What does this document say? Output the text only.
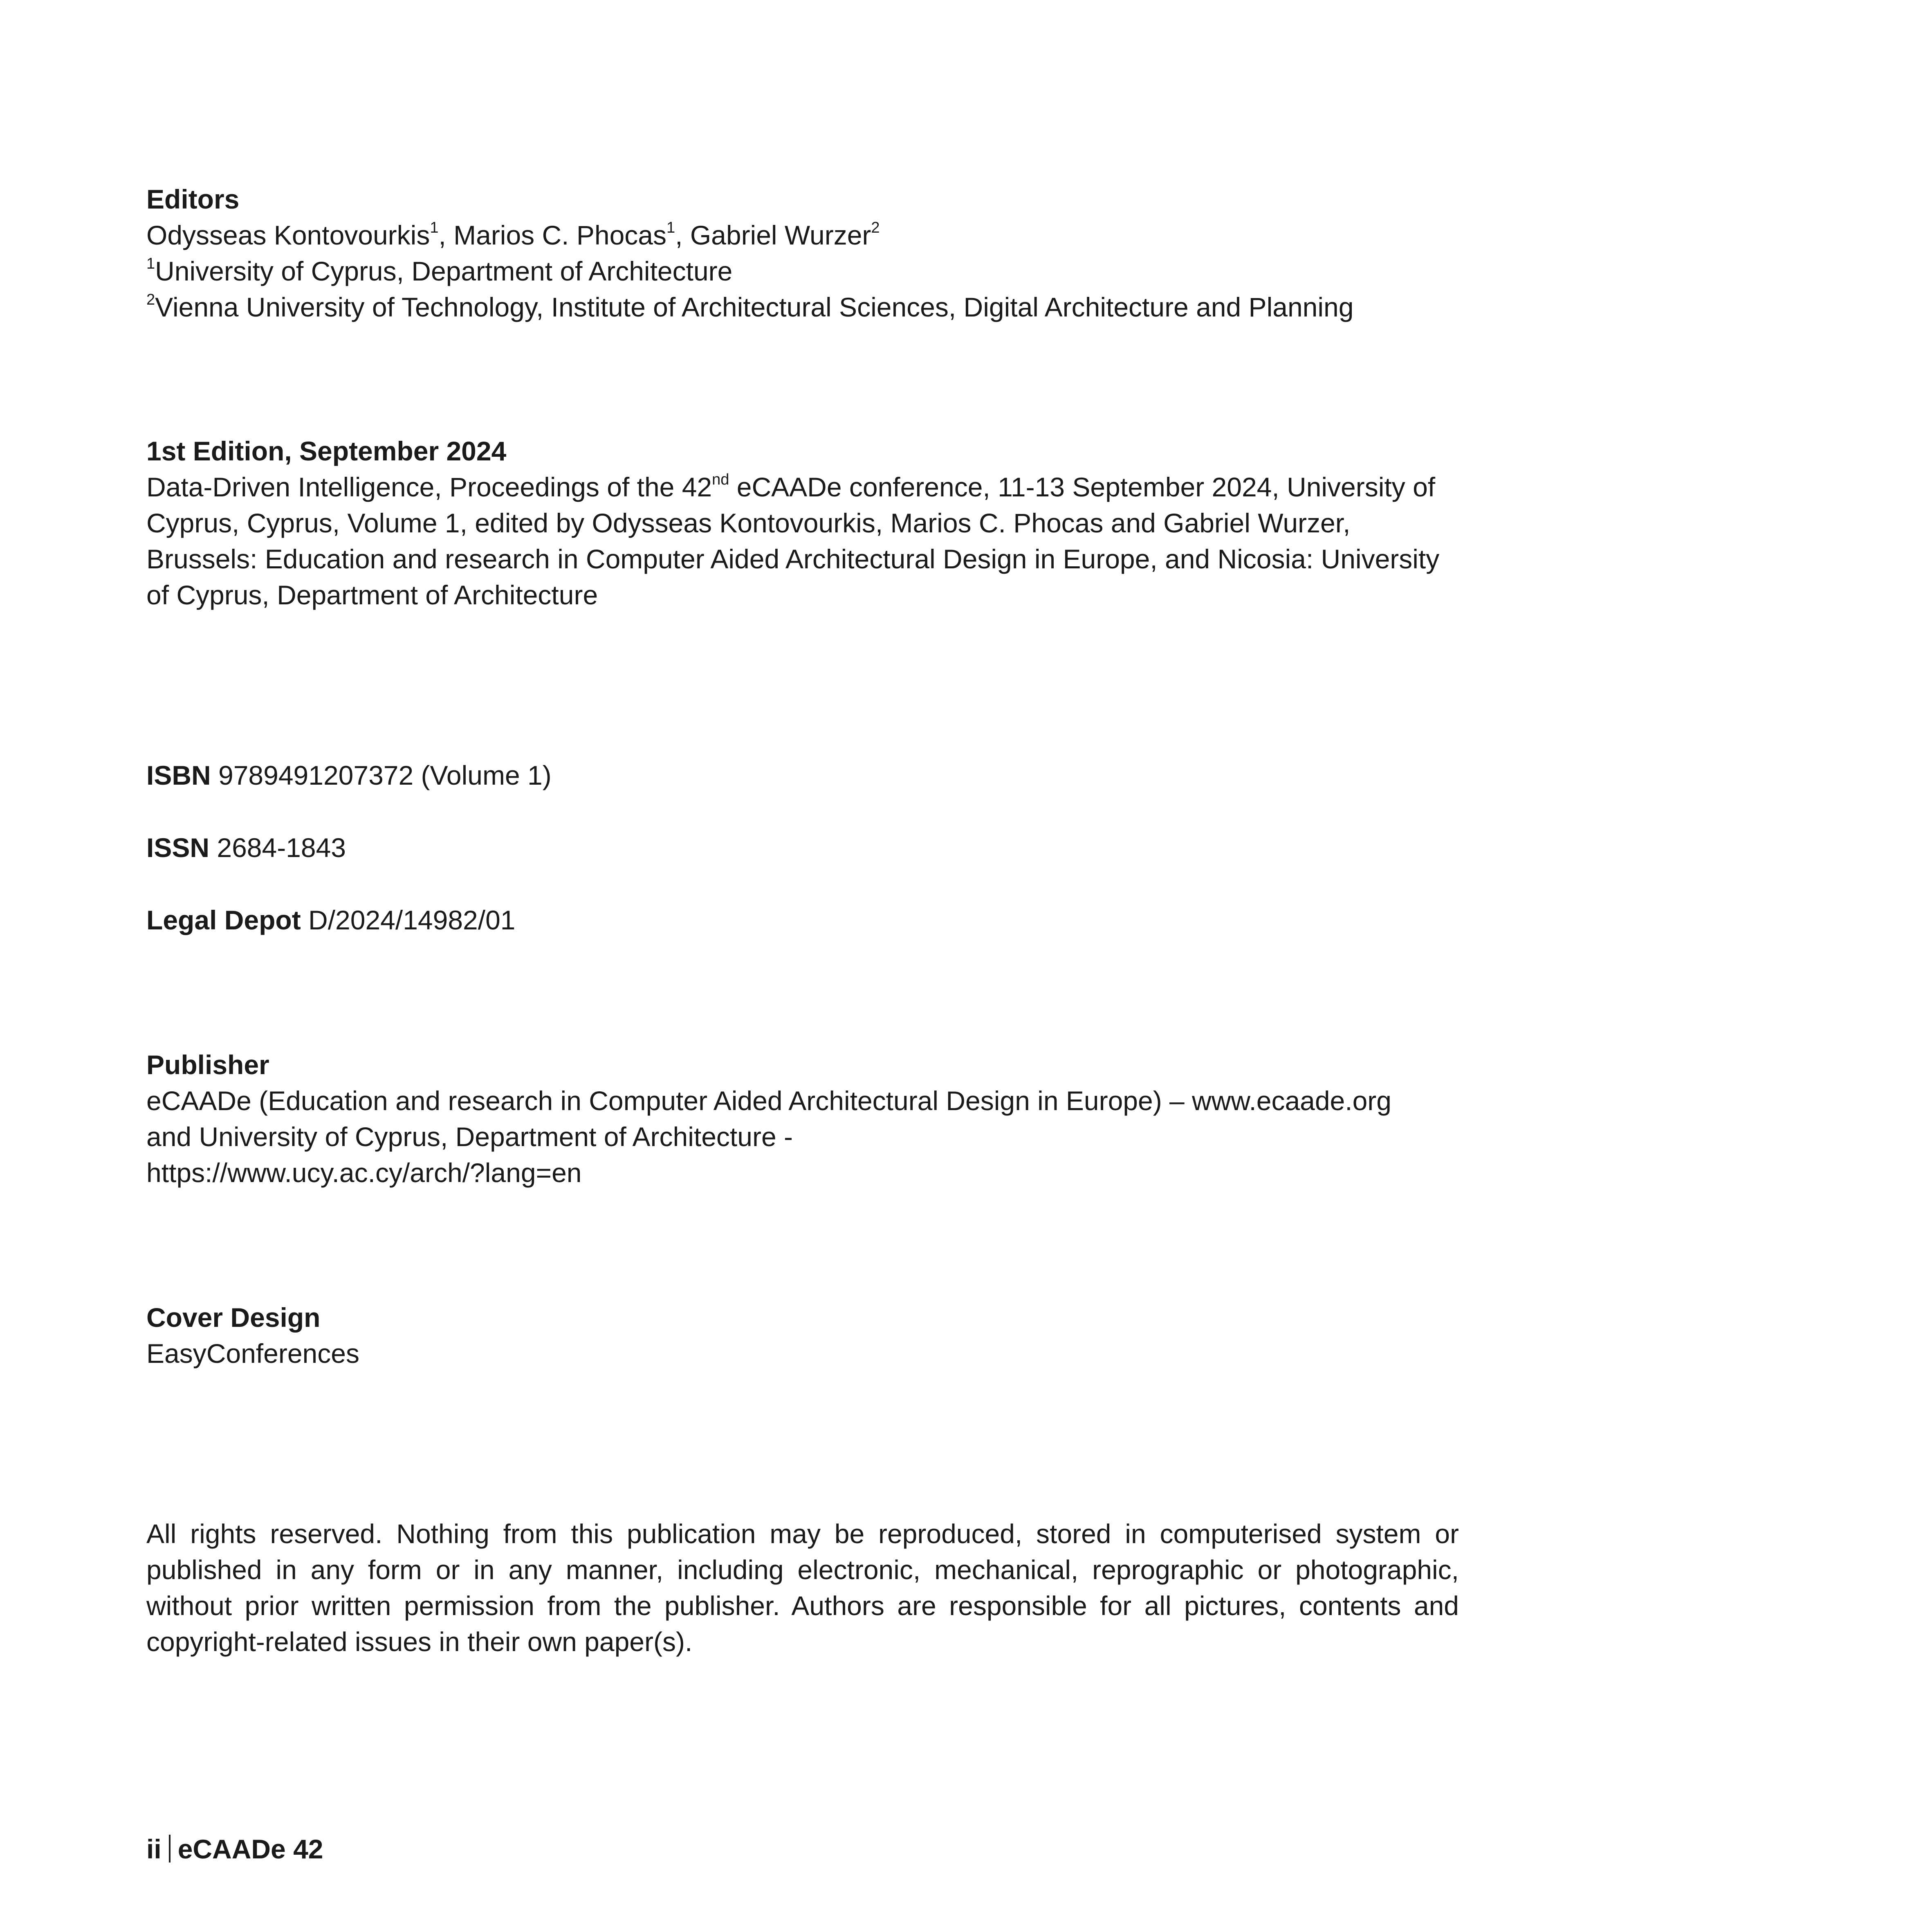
Editors
Odysseas Kontovourkis$^1$, Marios C. Phocas$^1$, Gabriel Wurzer$^2$
$^1$University of Cyprus, Department of Architecture
$^2$Vienna University of Technology, Institute of Architectural Sciences, Digital Architecture and Planning
1st Edition, September 2024
Data-Driven Intelligence, Proceedings of the 42nd eCAADe conference, 11-13 September 2024, University of Cyprus, Cyprus, Volume 1, edited by Odysseas Kontovourkis, Marios C. Phocas and Gabriel Wurzer, Brussels: Education and research in Computer Aided Architectural Design in Europe, and Nicosia: University of Cyprus, Department of Architecture
ISBN 9789491207372 (Volume 1)
ISSN 2684-1843
Legal Depot D/2024/14982/01
Publisher
eCAADe (Education and research in Computer Aided Architectural Design in Europe) – www.ecaade.org
and University of Cyprus, Department of Architecture -
https://www.ucy.ac.cy/arch/?lang=en
Cover Design
EasyConferences
All rights reserved. Nothing from this publication may be reproduced, stored in computerised system or published in any form or in any manner, including electronic, mechanical, reprographic or photographic, without prior written permission from the publisher. Authors are responsible for all pictures, contents and copyright-related issues in their own paper(s).
ii eCAADe 42
